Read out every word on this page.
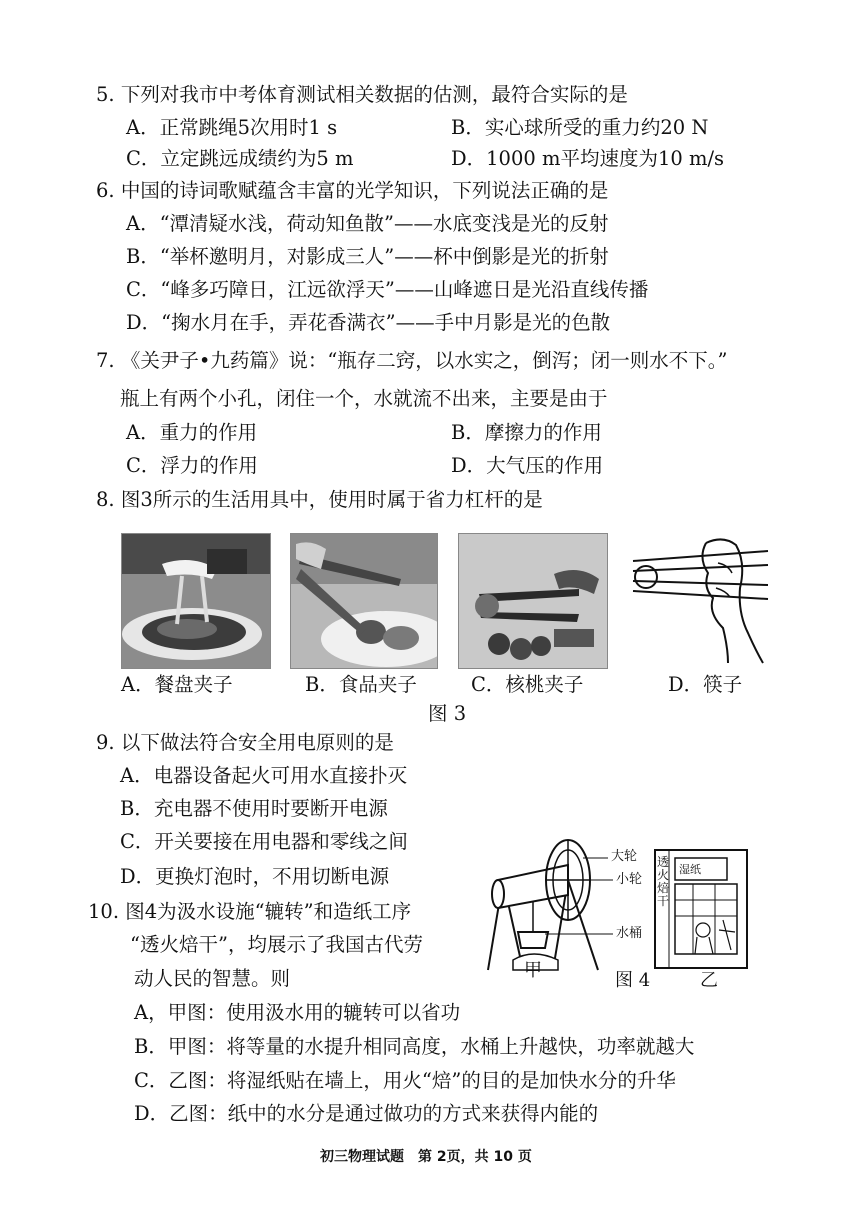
5. 下列对我市中考体育测试相关数据的估测，最符合实际的是
A．正常跳绳5次用时1 s	B．实心球所受的重力约20 N
C．立定跳远成绩约为5 m	D．1000 m平均速度为10 m/s
6. 中国的诗词歌赋蕴含丰富的光学知识，下列说法正确的是
A．“潭清疑水浅，荷动知鱼散”——水底变浅是光的反射
B．“举杯邀明月，对影成三人”——杯中倒影是光的折射
C．“峰多巧障日，江远欲浮天”——山峰遮日是光沿直线传播
D．“掬水月在手，弄花香满衣”——手中月影是光的色散
7. 《关尹子•九药篇》说：“瓶存二窍，以水实之，倒泻；闭一则水不下。”
瓶上有两个小孔，闭住一个，水就流不出来，主要是由于
A．重力的作用	B．摩擦力的作用
C．浮力的作用	D．大气压的作用
8. 图3所示的生活用具中，使用时属于省力杠杆的是
A．餐盘夹子	B．食品夹子	C．核桃夹子	D．筷子
图 3
9. 以下做法符合安全用电原则的是
A．电器设备起火可用水直接扑灭
B．充电器不使用时要断开电源
C．开关要接在用电器和零线之间
D．更换灯泡时，不用切断电源
10. 图4为汲水设施“辘转”和造纸工序
“透火焙干”，均展示了我国古代劳
动人民的智慧。则
大轮
小轮
水桶
透火焙干
湿纸
甲	图 4	乙
A，甲图：使用汲水用的辘转可以省功
B．甲图：将等量的水提升相同高度，水桶上升越快，功率就越大
C．乙图：将湿纸贴在墙上，用火“焙”的目的是加快水分的升华
D．乙图：纸中的水分是通过做功的方式来获得内能的
初三物理试题　第 2页，共 10 页
